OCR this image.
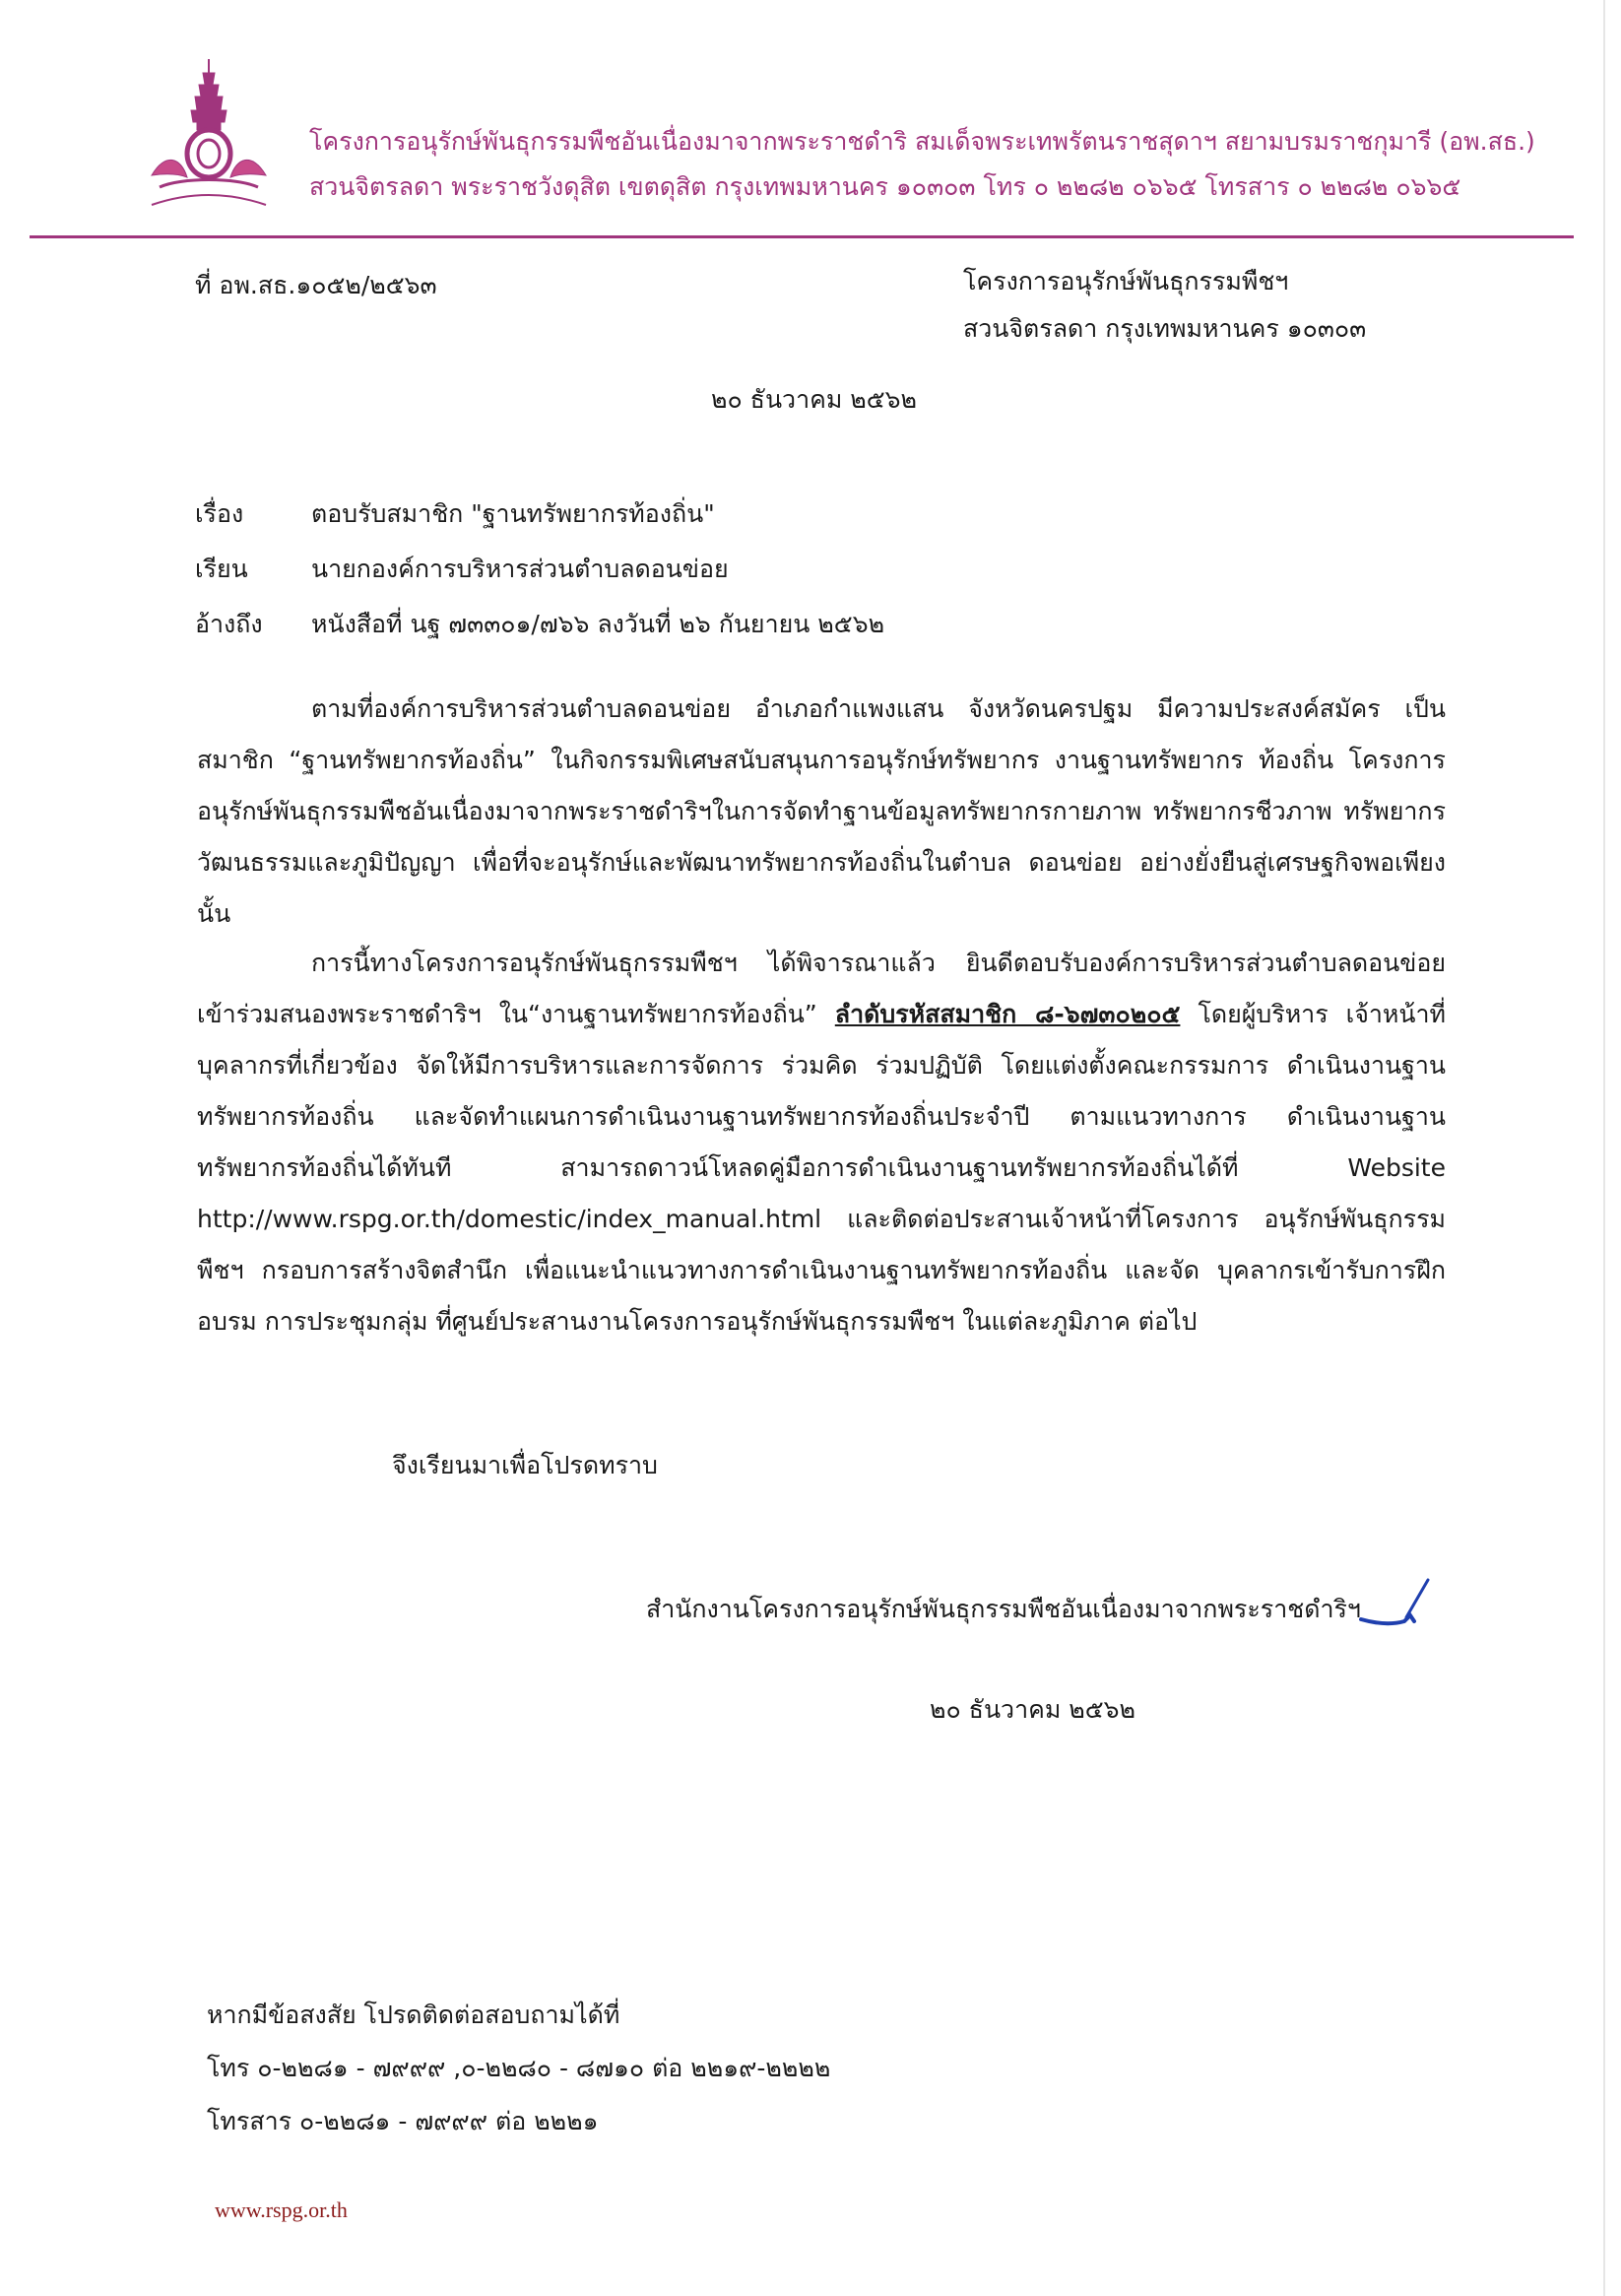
โครงการอนุรักษ์พันธุกรรมพืชอันเนื่องมาจากพระราชดำริ สมเด็จพระเทพรัตนราชสุดาฯ สยามบรมราชกุมารี (อพ.สธ.)
สวนจิตรลดา พระราชวังดุสิต เขตดุสิต กรุงเทพมหานคร ๑๐๓๐๓ โทร ๐ ๒๒๘๒ ๐๖๖๕ โทรสาร ๐ ๒๒๘๒ ๐๖๖๕
ที่ อพ.สธ.๑๐๕๒/๒๕๖๓	โครงการอนุรักษ์พันธุกรรมพืชฯ
สวนจิตรลดา กรุงเทพมหานคร ๑๐๓๐๓
๒๐ ธันวาคม ๒๕๖๒
เรื่อง	ตอบรับสมาชิก "ฐานทรัพยากรท้องถิ่น"
เรียน	นายกองค์การบริหารส่วนตำบลดอนข่อย
อ้างถึง หนังสือที่ นฐ ๗๓๓๐๑/๗๖๖ ลงวันที่ ๒๖ กันยายน ๒๕๖๒

ตามที่องค์การบริหารส่วนตำบลดอนข่อย อำเภอกำแพงแสน จังหวัดนครปฐม มีความประสงค์สมัคร เป็นสมาชิก “ฐานทรัพยากรท้องถิ่น” ในกิจกรรมพิเศษสนับสนุนการอนุรักษ์ทรัพยากร งานฐานทรัพยากร ท้องถิ่น โครงการอนุรักษ์พันธุกรรมพืชอันเนื่องมาจากพระราชดำริฯในการจัดทำฐานข้อมูลทรัพยากรกายภาพ ทรัพยากรชีวภาพ ทรัพยากรวัฒนธรรมและภูมิปัญญา เพื่อที่จะอนุรักษ์และพัฒนาทรัพยากรท้องถิ่นในตำบล ดอนข่อย อย่างยั่งยืนสู่เศรษฐกิจพอเพียง นั้น

การนี้ทางโครงการอนุรักษ์พันธุกรรมพืชฯ ได้พิจารณาแล้ว ยินดีตอบรับองค์การบริหารส่วนตำบลดอนข่อย เข้าร่วมสนองพระราชดำริฯ ใน“งานฐานทรัพยากรท้องถิ่น” ลำดับรหัสสมาชิก ๘-๖๗๓๐๒๐๕ โดยผู้บริหาร เจ้าหน้าที่ บุคลากรที่เกี่ยวข้อง จัดให้มีการบริหารและการจัดการ ร่วมคิด ร่วมปฏิบัติ โดยแต่งตั้งคณะกรรมการ ดำเนินงานฐานทรัพยากรท้องถิ่น และจัดทำแผนการดำเนินงานฐานทรัพยากรท้องถิ่นประจำปี ตามแนวทางการ ดำเนินงานฐานทรัพยากรท้องถิ่นได้ทันที สามารถดาวน์โหลดคู่มือการดำเนินงานฐานทรัพยากรท้องถิ่นได้ที่ Website http://www.rspg.or.th/domestic/index_manual.html และติดต่อประสานเจ้าหน้าที่โครงการ อนุรักษ์พันธุกรรมพืชฯ กรอบการสร้างจิตสำนึก เพื่อแนะนำแนวทางการดำเนินงานฐานทรัพยากรท้องถิ่น และจัด บุคลากรเข้ารับการฝึกอบรม การประชุมกลุ่ม ที่ศูนย์ประสานงานโครงการอนุรักษ์พันธุกรรมพืชฯ ในแต่ละภูมิภาค ต่อไป

จึงเรียนมาเพื่อโปรดทราบ
สำนักงานโครงการอนุรักษ์พันธุกรรมพืชอันเนื่องมาจากพระราชดำริฯ
๒๐ ธันวาคม ๒๕๖๒
หากมีข้อสงสัย โปรดติดต่อสอบถามได้ที่
โทร ๐-๒๒๘๑ - ๗๙๙๙ ,๐-๒๒๘๐ - ๘๗๑๐ ต่อ ๒๒๑๙-๒๒๒๒
โทรสาร ๐-๒๒๘๑ - ๗๙๙๙ ต่อ ๒๒๒๑
www.rspg.or.th
